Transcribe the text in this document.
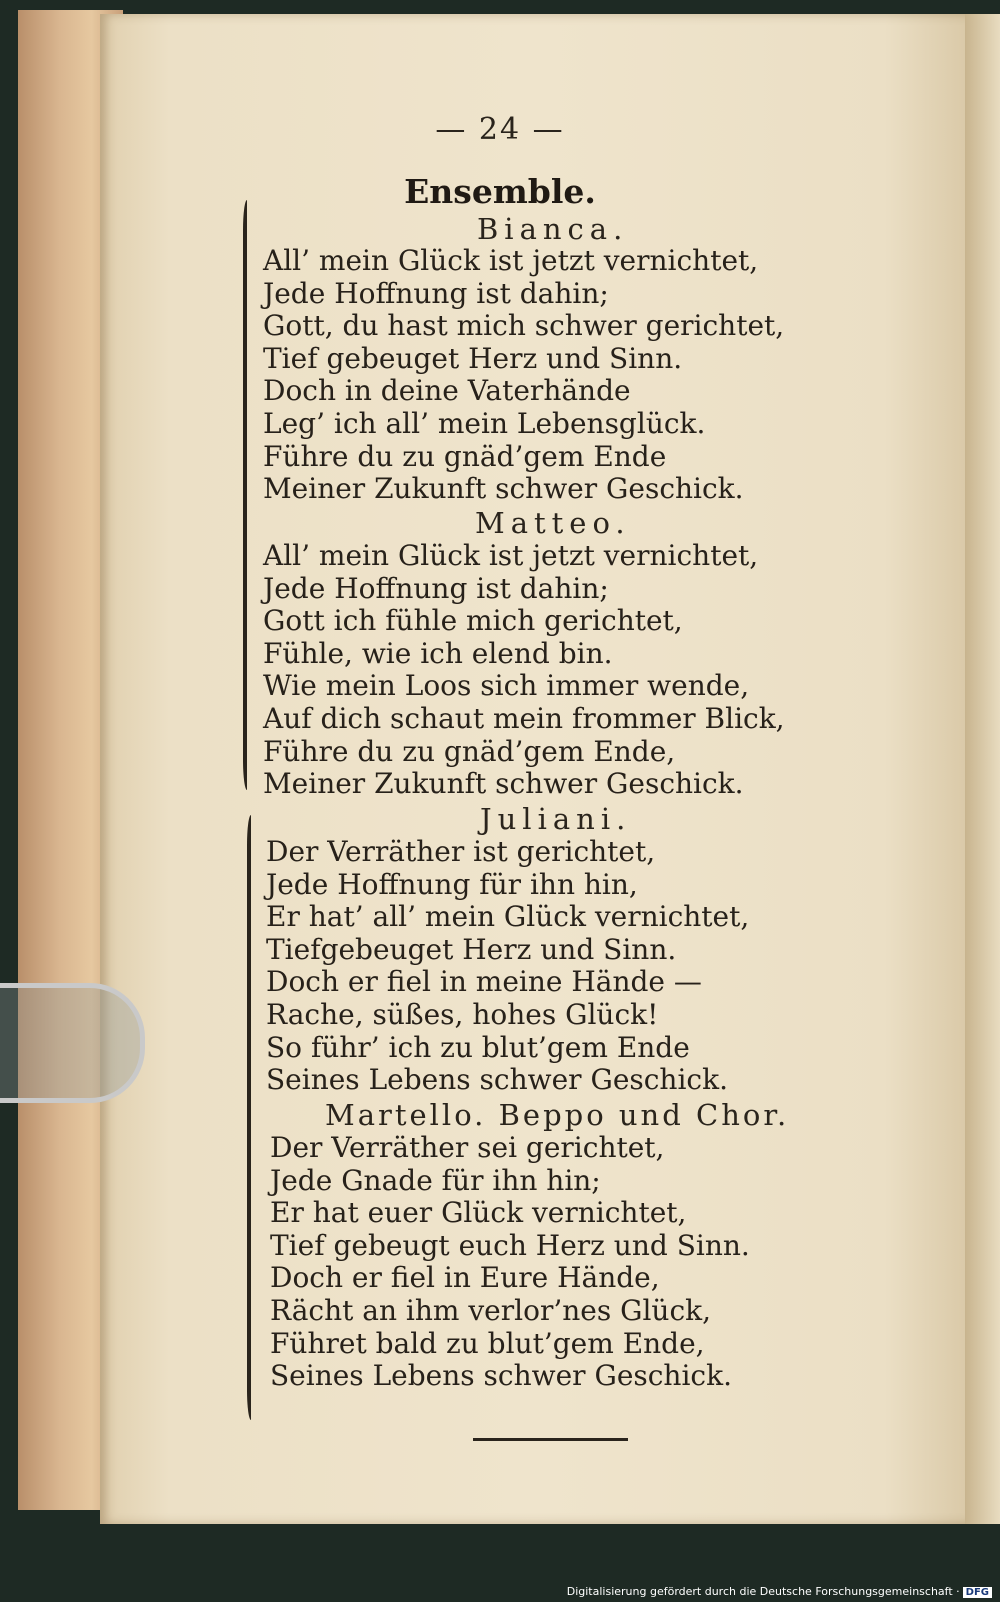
— 24 —
Ensemble.
Bianca.
All’ mein Glück ist jetzt vernichtet,
Jede Hoffnung ist dahin;
Gott, du hast mich schwer gerichtet,
Tief gebeuget Herz und Sinn.
Doch in deine Vaterhände
Leg’ ich all’ mein Lebensglück.
Führe du zu gnäd’gem Ende
Meiner Zukunft schwer Geschick.
Matteo.
All’ mein Glück ist jetzt vernichtet,
Jede Hoffnung ist dahin;
Gott ich fühle mich gerichtet,
Fühle, wie ich elend bin.
Wie mein Loos sich immer wende,
Auf dich schaut mein frommer Blick,
Führe du zu gnäd’gem Ende,
Meiner Zukunft schwer Geschick.
Juliani.
Der Verräther ist gerichtet,
Jede Hoffnung für ihn hin,
Er hat’ all’ mein Glück vernichtet,
Tiefgebeuget Herz und Sinn.
Doch er fiel in meine Hände —
Rache, süßes, hohes Glück!
So führ’ ich zu blut’gem Ende
Seines Lebens schwer Geschick.
Martello. Beppo und Chor.
Der Verräther sei gerichtet,
Jede Gnade für ihn hin;
Er hat euer Glück vernichtet,
Tief gebeugt euch Herz und Sinn.
Doch er fiel in Eure Hände,
Rächt an ihm verlor’nes Glück,
Führet bald zu blut’gem Ende,
Seines Lebens schwer Geschick.
Digitalisierung gefördert durch die Deutsche Forschungsgemeinschaft · DFG
